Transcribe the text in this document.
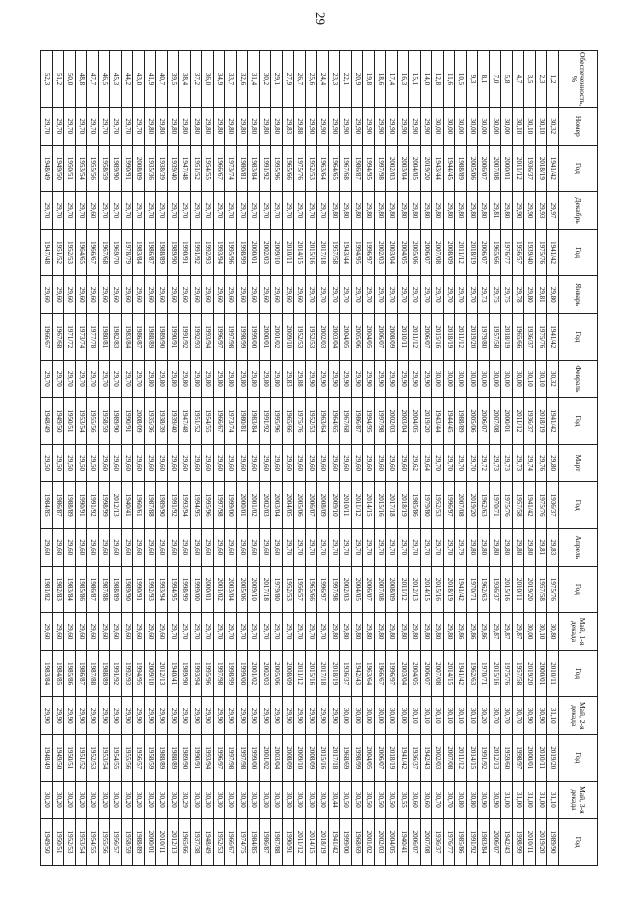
29
Обеспеченность, %	Номер	Год	Декабрь	Год	Январь	Год	Февраль	Год	Март	Год	Апрель	Год	Май, 1-я декада	Год	Май, 2-я декада	Год	Май, 3-я декада	Год
1,2	30,32	1941/42	29,97	1941/42	29,80	1941/42	30,32	1941/42	29,80	1936/37	29,83	1975/76	30,80	2010/11	31,10	2019/20	31,10	1989/90
2,3	30,10	2018/19	29,93	1975/76	29,81	1975/76	30,10	2018/19	29,76	1975/76	29,81	1957/58	30,10	2000/01	30,90	2010/11	31,00	2019/20
3,5	30,10	1936/37	29,90	1939/40	29,80	1936/37	30,10	1936/37	29,74	1941/42	29,80	2019/20	30,00	2019/20	30,90	2000/01	31,00	2010/11
4,7	30,10	2011/12	29,90	1956/57	29,78	1965/66	30,00	2011/12	29,73	1957/58	29,80	2010/11	29,87	1957/58	30,70	1998/97	31,00	1998/99
5,8	30,00	2000/01	29,80	1976/77	29,75	2018/19	30,00	2000/01	29,73	1975/76	29,80	2015/16	29,87	1975/76	30,70	1959/60	31,00	1942/43
7,0	30,00	2007/08	29,81	1965/66	29,75	1957/58	30,00	2007/08	29,73	1970/71	29,80	1936/37	29,87	2015/16	30,70	2012/13	30,90	2006/07
8,1	30,00	2006/07	29,80	2006/07	29,73	1979/80	30,00	2006/07	29,72	1962/63	29,80	1962/63	29,86	1970/71	30,20	1991/92	30,90	1983/84
9,3	30,00	2005/06	29,80	2018/19	29,70	2019/20	30,00	2005/06	29,70	2019/20	29,80	1970/71	29,86	1962/63	30,10	2014/15	30,80	1991/92
10,5	30,00	1988/89	29,80	2011/12	29,70	2011/12	30,00	1988/89	29,70	2007/08	29,79	1941/42	29,86	1941/42	30,10	2011/12	30,80	1985/86
11,6	30,00	1944/45	29,80	2008/09	29,70	2018/19	30,00	1944/45	29,70	1996/97	29,70	2018/19	29,80	2014/15	30,10	2007/08	30,70	1976/77
12,8	30,00	1943/44	29,80	2007/08	29,70	2015/16	30,00	1943/44	29,70	1952/53	29,70	2015/16	29,80	2007/08	30,10	2002/03	30,70	1936/37
14,0	29,90	2019/20	29,80	2006/07	29,70	2006/07	29,90	2019/20	29,64	1979/80	29,70	2014/15	29,80	2006/07	30,10	1942/43	30,60	2007/08
15,1	29,90	2004/05	29,80	2005/06	29,70	2011/12	29,90	2004/05	29,62	1985/86	29,70	2012/13	29,80	2004/05	30,10	1936/37	30,60	2006/07
16,3	29,90	2003/04	29,80	2004/05	29,70	2010/11	29,90	2003/04	29,60	2018/19	29,70	2011/12	29,80	2003/04	30,00	1941/42	30,55	1940/41
17,4	29,90	2002/03	29,80	2003/04	29,70	2008/09	29,90	2002/03	29,60	2017/18	29,70	2008/09	29,80	1996/97	30,00	2018/19	30,50	2004/05
18,6	29,90	1997/98	29,80	2002/03	29,70	2006/07	29,90	1997/98	29,60	2015/16	29,70	2007/08	29,80	1966/67	30,00	2006/07	30,50	2002/03
19,8	29,90	1994/95	29,80	1996/97	29,70	2004/05	29,90	1994/95	29,60	2014/15	29,70	2006/07	29,80	1963/64	30,00	2004/05	30,50	2001/02
20,9	29,90	1986/87	29,80	1994/95	29,70	2005/06	29,90	1986/87	29,60	2011/12	29,70	2004/05	29,80	1942/43	30,00	1998/99	30,50	1968/69
22,1	29,90	1967/68	29,80	1943/44	29,70	2004/05	29,90	1967/68	29,60	2010/11	29,70	2002/03	29,80	1936/37	30,00	1968/69	30,50	1999/00
23,3	29,90	1964/65	29,80	1957/58	29,70	2003/04	29,90	1964/65	29,60	2009/10	29,70	1997/98	29,80	2018/19	29,90	2017/18	30,44	1941/42
24,4	29,90	1963/64	29,70	2017/18	29,70	2002/03	29,90	1963/64	29,60	2008/09	29,70	1996/97	29,70	2017/18	29,90	2015/16	30,30	2018/19
25,6	29,90	1952/53	29,70	2015/16	29,70	1952/53	29,90	1952/53	29,60	2006/07	29,70	1965/66	29,70	2015/16	29,90	2008/09	30,30	2014/15
26,7	29,88	1975/76	29,70	2014/15	29,60	1952/53	29,88	1975/76	29,60	2005/06	29,70	1956/57	29,70	2011/12	29,90	2009/10	30,30	2011/12
27,9	29,83	1965/66	29,70	2010/11	29,60	2009/10	29,83	1965/66	29,60	2004/05	29,70	1952/53	29,70	2008/09	29,90	2008/09	30,30	1990/91
29,1	29,80	1995/96	29,70	2009/10	29,60	2001/02	29,80	1995/96	29,60	2003/04	29,60	1979/80	29,70	2005/06	29,90	2003/04	30,30	1987/88
30,2	29,80	1991/92	29,70	2002/03	29,60	2000/01	29,80	1991/92	29,60	2002/03	29,60	2017/18	29,70	2002/03	29,90	2001/02	30,30	1986/87
31,4	29,80	1983/84	29,70	2000/01	29,60	1999/00	29,80	1983/84	29,60	2001/02	29,60	2009/10	29,70	2001/02	29,90	1999/00	30,30	1984/85
32,6	29,80	1980/81	29,70	1998/99	29,60	1998/99	29,80	1980/81	29,60	2000/01	29,60	2005/06	29,70	1999/00	29,90	1997/98	30,30	1974/75
33,7	29,80	1973/74	29,70	1995/96	29,60	1997/98	29,80	1973/74	29,60	1999/00	29,60	2003/04	29,70	1998/99	29,90	1997/98	30,30	1966/67
34,9	29,80	1966/67	29,70	1993/94	29,60	1996/97	29,80	1966/67	29,60	1997/98	29,60	2001/02	29,70	1997/98	29,90	1996/97	30,30	1952/53
36,0	29,80	1954/55	29,70	1992/93	29,60	1993/94	29,80	1954/55	29,60	1995/96	29,60	2000/01	29,70	1995/96	29,90	1993/94	30,30	1948/49
37,2	29,80	1951/52	29,70	1991/92	29,60	1992/93	29,80	1951/52	29,60	1994/95	29,60	1999/00	29,70	1993/94	29,90	1990/91	30,30	1937/38
38,4	29,80	1947/48	29,70	1990/91	29,60	1991/92	29,80	1947/48	29,60	1993/94	29,60	1998/99	29,70	1989/90	29,90	1989/90	30,29	1965/66
39,5	29,80	1939/40	29,70	1989/90	29,60	1990/91	29,80	1939/40	29,60	1991/92	29,60	1994/95	29,70	1940/41	29,90	1988/89	30,20	2012/13
40,7	29,80	1938/39	29,70	1988/89	29,60	1989/90	29,80	1938/39	29,60	1989/90	29,60	1993/94	29,60	2012/13	29,90	1988/89	30,20	2010/11
41,9	29,80	1935/36	29,70	1986/87	29,60	1988/89	29,80	1935/36	29,60	1987/88	29,60	1992/93	29,60	2009/10	29,90	1958/59	30,20	2000/01
43,0	29,70	2008/09	29,70	1983/84	29,60	1986/87	29,70	2008/09	29,60	1960/61	29,60	1990/91	29,60	1994/95	29,90	1956/57	30,20	1988/89
44,2	29,70	1990/91	29,70	1978/79	29,60	1983/84	29,70	1990/91	29,60	1940/41	29,60	1989/90	29,60	1992/93	29,90	1955/56	30,20	1958/59
45,3	29,70	1989/90	29,70	1969/70	29,60	1982/83	29,70	1989/90	29,60	2012/13	29,60	1988/89	29,60	1991/92	29,90	1954/55	30,20	1956/57
46,5	29,70	1958/59	29,70	1967/68	29,60	1980/81	29,70	1958/59	29,60	1998/99	29,60	1987/88	29,60	1988/89	29,90	1953/54	30,20	1955/56
47,7	29,70	1955/56	29,60	1966/67	29,60	1977/78	29,70	1955/56	29,50	1991/92	29,60	1986/87	29,60	1987/88	29,90	1952/53	30,20	1954/55
48,8	29,70	1953/54	29,70	1964/65	29,60	1973/74	29,70	1953/54	29,50	1990/91	29,60	1985/86	29,60	1986/87	29,90	1951/52	30,20	1953/54
50,0	29,70	1950/51	29,70	1952/53	29,60	1971/72	29,70	1950/51	29,50	1988/89	29,60	1983/84	29,60	1985/86	29,90	1950/51	30,20	1952/53
51,2	29,70	1949/50	29,70	1951/52	29,60	1967/68	29,70	1949/50	29,50	1986/87	29,60	1982/83	29,60	1984/85	29,90	1949/50	30,20	1950/51
52,3	29,70	1948/49	29,70	1947/48	29,60	1966/67	29,70	1948/49	29,50	1984/85	29,60	1981/82	29,60	1983/84	29,90	1948/49	30,20	1949/50
